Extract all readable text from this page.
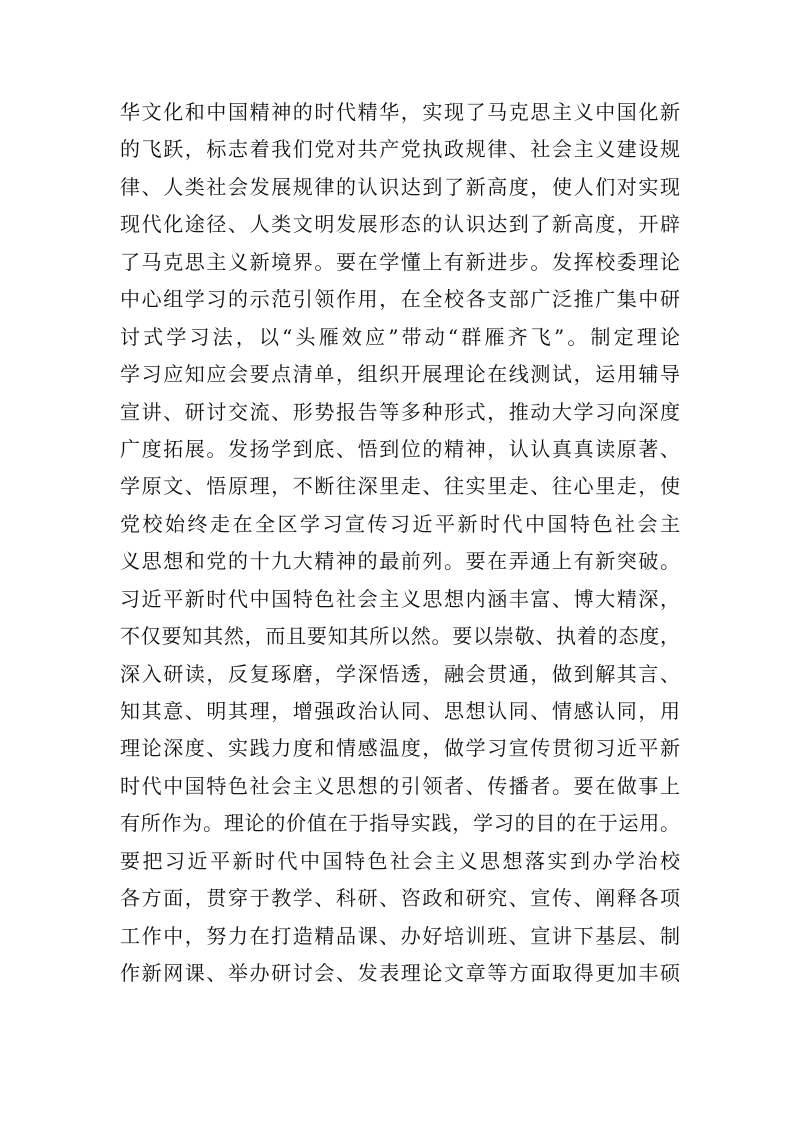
华文化和中国精神的时代精华，实现了马克思主义中国化新
的飞跃，标志着我们党对共产党执政规律、社会主义建设规
律、人类社会发展规律的认识达到了新高度，使人们对实现
现代化途径、人类文明发展形态的认识达到了新高度，开辟
了马克思主义新境界。要在学懂上有新进步。发挥校委理论
中心组学习的示范引领作用，在全校各支部广泛推广集中研
讨式学习法，以“头雁效应”带动“群雁齐飞”。制定理论
学习应知应会要点清单，组织开展理论在线测试，运用辅导
宣讲、研讨交流、形势报告等多种形式，推动大学习向深度
广度拓展。发扬学到底、悟到位的精神，认认真真读原著、
学原文、悟原理，不断往深里走、往实里走、往心里走，使
党校始终走在全区学习宣传习近平新时代中国特色社会主
义思想和党的十九大精神的最前列。要在弄通上有新突破。
习近平新时代中国特色社会主义思想内涵丰富、博大精深，
不仅要知其然，而且要知其所以然。要以崇敬、执着的态度，
深入研读，反复琢磨，学深悟透，融会贯通，做到解其言、
知其意、明其理，增强政治认同、思想认同、情感认同，用
理论深度、实践力度和情感温度，做学习宣传贯彻习近平新
时代中国特色社会主义思想的引领者、传播者。要在做事上
有所作为。理论的价值在于指导实践，学习的目的在于运用。
要把习近平新时代中国特色社会主义思想落实到办学治校
各方面，贯穿于教学、科研、咨政和研究、宣传、阐释各项
工作中，努力在打造精品课、办好培训班、宣讲下基层、制
作新网课、举办研讨会、发表理论文章等方面取得更加丰硕
